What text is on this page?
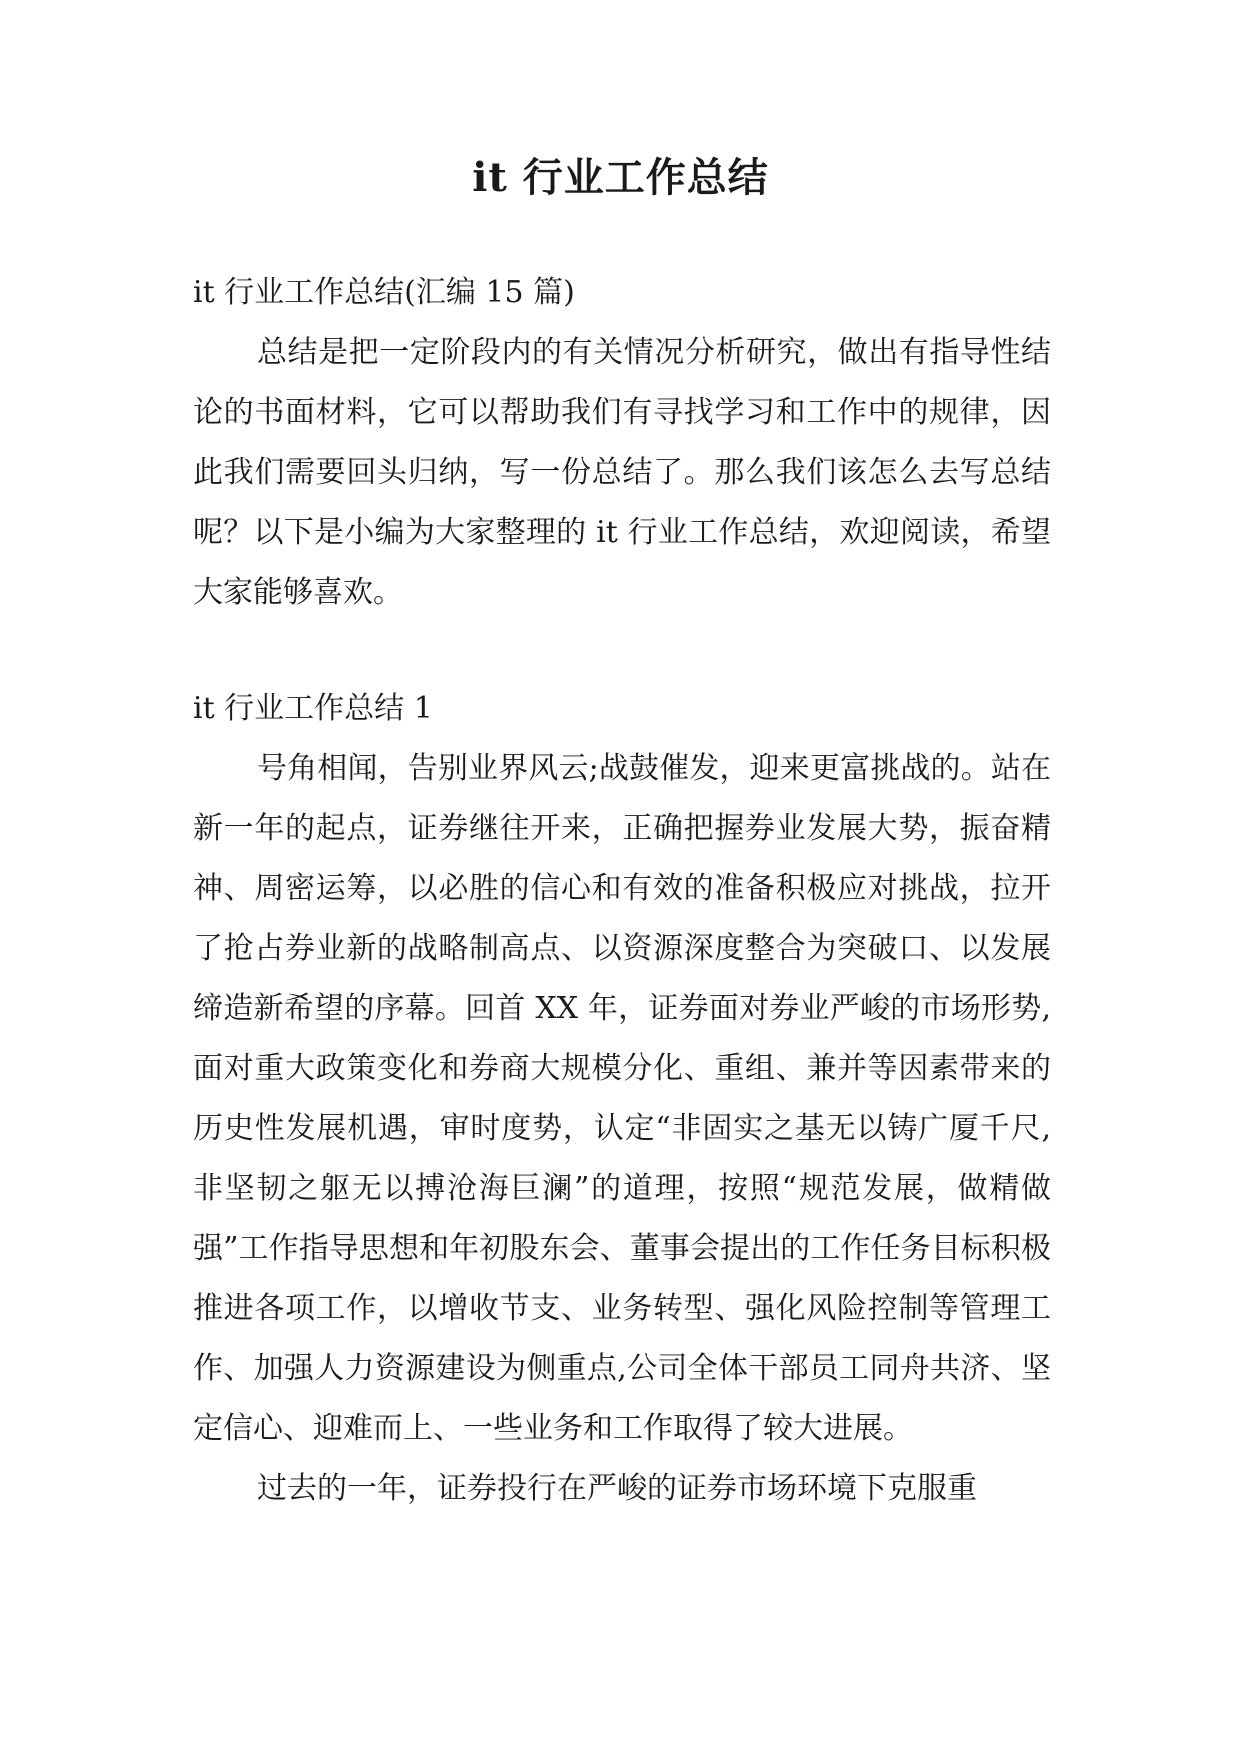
it 行业工作总结

it 行业工作总结(汇编 15 篇)

总结是把一定阶段内的有关情况分析研究，做出有指导性结论的书面材料，它可以帮助我们有寻找学习和工作中的规律，因此我们需要回头归纳，写一份总结了。那么我们该怎么去写总结呢？以下是小编为大家整理的 it 行业工作总结，欢迎阅读，希望大家能够喜欢。

it 行业工作总结 1

号角相闻，告别业界风云;战鼓催发，迎来更富挑战的。站在新一年的起点，证券继往开来，正确把握券业发展大势，振奋精神、周密运筹，以必胜的信心和有效的准备积极应对挑战，拉开了抢占券业新的战略制高点、以资源深度整合为突破口、以发展缔造新希望的序幕。回首 XX 年，证券面对券业严峻的市场形势,面对重大政策变化和券商大规模分化、重组、兼并等因素带来的历史性发展机遇，审时度势，认定“非固实之基无以铸广厦千尺,非坚韧之躯无以搏沧海巨澜”的道理，按照“规范发展，做精做强”工作指导思想和年初股东会、董事会提出的工作任务目标积极推进各项工作，以增收节支、业务转型、强化风险控制等管理工作、加强人力资源建设为侧重点,公司全体干部员工同舟共济、坚定信心、迎难而上、一些业务和工作取得了较大进展。

过去的一年，证券投行在严峻的证券市场环境下克服重
